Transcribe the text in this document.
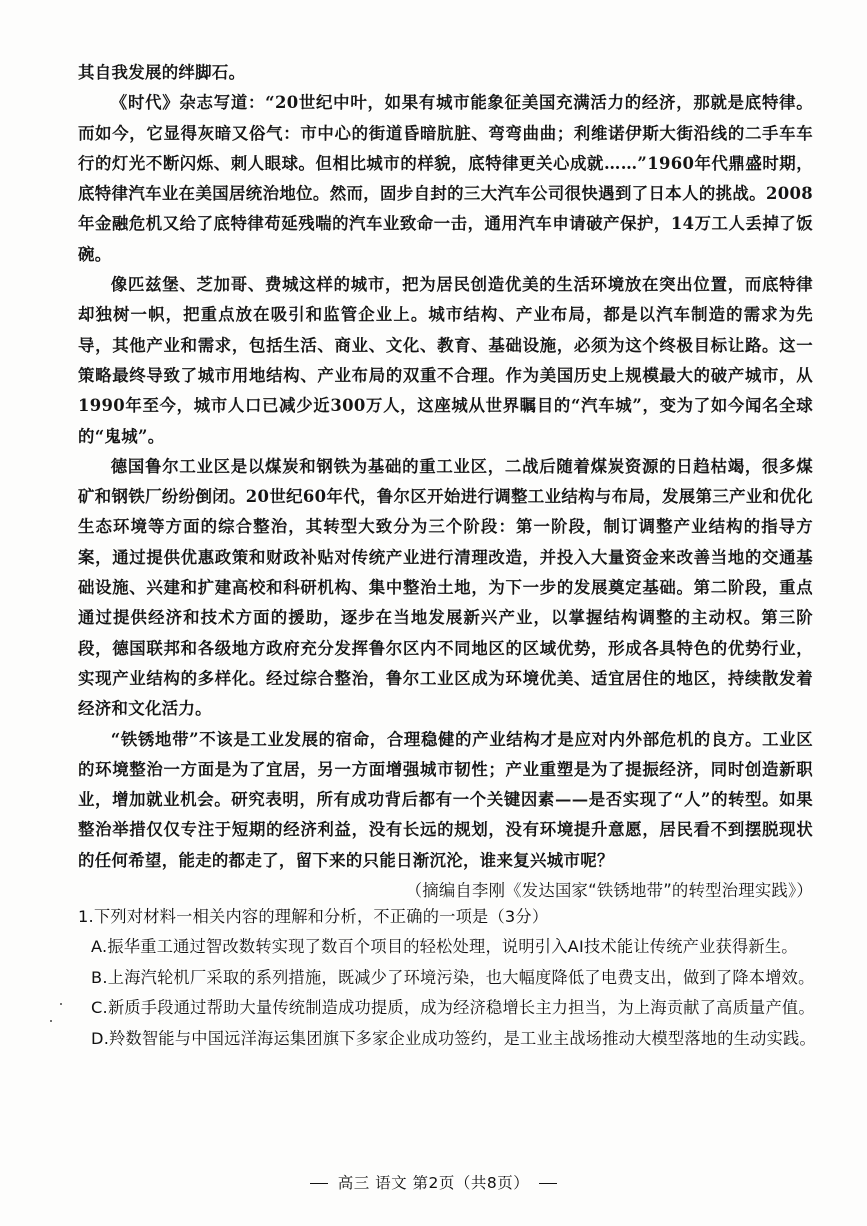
其自我发展的绊脚石。

《时代》杂志写道：“20世纪中叶，如果有城市能象征美国充满活力的经济，那就是底特律。而如今，它显得灰暗又俗气：市中心的街道昏暗肮脏、弯弯曲曲；利维诺伊斯大街沿线的二手车车行的灯光不断闪烁、刺人眼球。但相比城市的样貌，底特律更关心成就……”1960年代鼎盛时期，底特律汽车业在美国居统治地位。然而，固步自封的三大汽车公司很快遇到了日本人的挑战。2008年金融危机又给了底特律苟延残喘的汽车业致命一击，通用汽车申请破产保护，14万工人丢掉了饭碗。

像匹兹堡、芝加哥、费城这样的城市，把为居民创造优美的生活环境放在突出位置，而底特律却独树一帜，把重点放在吸引和监管企业上。城市结构、产业布局，都是以汽车制造的需求为先导，其他产业和需求，包括生活、商业、文化、教育、基础设施，必须为这个终极目标让路。这一策略最终导致了城市用地结构、产业布局的双重不合理。作为美国历史上规模最大的破产城市，从1990年至今，城市人口已减少近300万人，这座城从世界瞩目的“汽车城”，变为了如今闻名全球的“鬼城”。

德国鲁尔工业区是以煤炭和钢铁为基础的重工业区，二战后随着煤炭资源的日趋枯竭，很多煤矿和钢铁厂纷纷倒闭。20世纪60年代，鲁尔区开始进行调整工业结构与布局，发展第三产业和优化生态环境等方面的综合整治，其转型大致分为三个阶段：第一阶段，制订调整产业结构的指导方案，通过提供优惠政策和财政补贴对传统产业进行清理改造，并投入大量资金来改善当地的交通基础设施、兴建和扩建高校和科研机构、集中整治土地，为下一步的发展奠定基础。第二阶段，重点通过提供经济和技术方面的援助，逐步在当地发展新兴产业，以掌握结构调整的主动权。第三阶段，德国联邦和各级地方政府充分发挥鲁尔区内不同地区的区域优势，形成各具特色的优势行业，实现产业结构的多样化。经过综合整治，鲁尔工业区成为环境优美、适宜居住的地区，持续散发着经济和文化活力。

“铁锈地带”不该是工业发展的宿命，合理稳健的产业结构才是应对内外部危机的良方。工业区的环境整治一方面是为了宜居，另一方面增强城市韧性；产业重塑是为了提振经济，同时创造新职业，增加就业机会。研究表明，所有成功背后都有一个关键因素——是否实现了“人”的转型。如果整治举措仅仅专注于短期的经济利益，没有长远的规划，没有环境提升意愿，居民看不到摆脱现状的任何希望，能走的都走了，留下来的只能日渐沉沦，谁来复兴城市呢？

（摘编自李刚《发达国家“铁锈地带”的转型治理实践》）

1.下列对材料一相关内容的理解和分析，不正确的一项是（3分）

A.振华重工通过智改数转实现了数百个项目的轻松处理，说明引入AI技术能让传统产业获得新生。

B.上海汽轮机厂采取的系列措施，既减少了环境污染，也大幅度降低了电费支出，做到了降本增效。

C.新质手段通过帮助大量传统制造成功提质，成为经济稳增长主力担当，为上海贡献了高质量产值。

D.羚数智能与中国远洋海运集团旗下多家企业成功签约，是工业主战场推动大模型落地的生动实践。

高三 语文 第2页（共8页）
